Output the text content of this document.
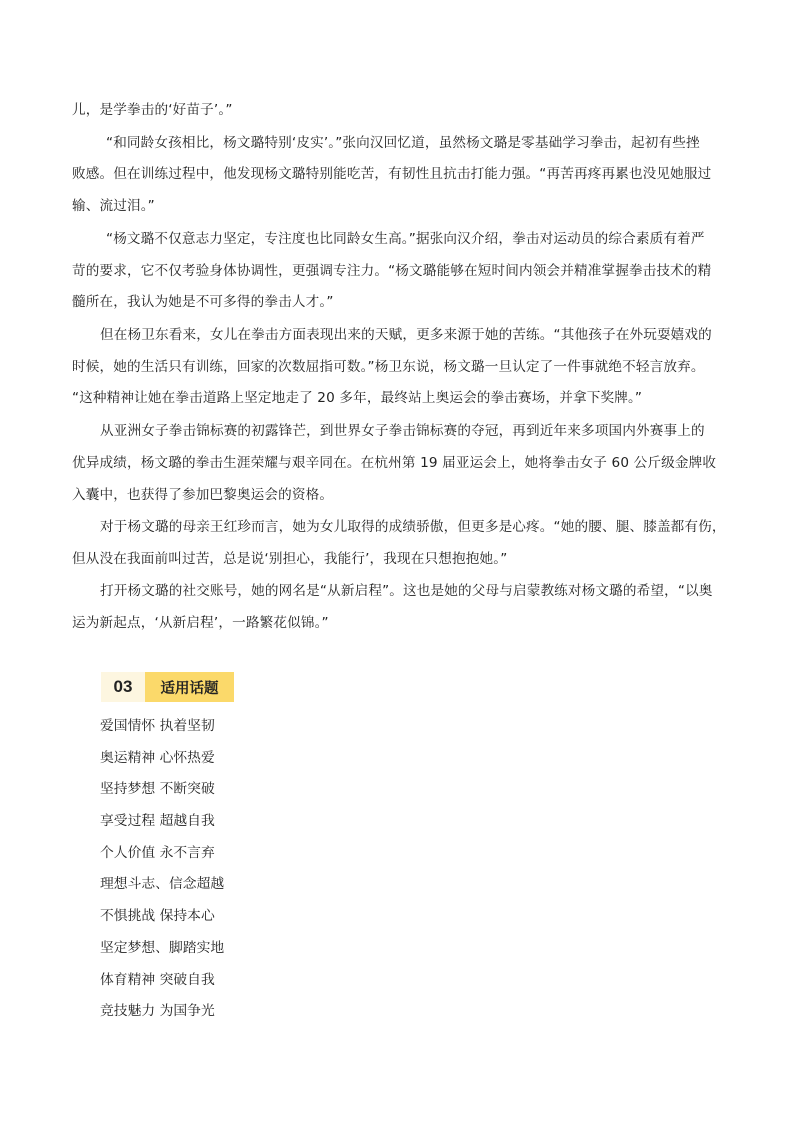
儿，是学拳击的‘好苗子’。”
“和同龄女孩相比，杨文璐特别‘皮实’。”张向汉回忆道，虽然杨文璐是零基础学习拳击，起初有些挫
败感。但在训练过程中，他发现杨文璐特别能吃苦，有韧性且抗击打能力强。“再苦再疼再累也没见她服过
输、流过泪。”
“杨文璐不仅意志力坚定，专注度也比同龄女生高。”据张向汉介绍，拳击对运动员的综合素质有着严
苛的要求，它不仅考验身体协调性，更强调专注力。“杨文璐能够在短时间内领会并精准掌握拳击技术的精
髓所在，我认为她是不可多得的拳击人才。”
但在杨卫东看来，女儿在拳击方面表现出来的天赋，更多来源于她的苦练。“其他孩子在外玩耍嬉戏的
时候，她的生活只有训练，回家的次数屈指可数。”杨卫东说，杨文璐一旦认定了一件事就绝不轻言放弃。
“这种精神让她在拳击道路上坚定地走了 20 多年，最终站上奥运会的拳击赛场，并拿下奖牌。”
从亚洲女子拳击锦标赛的初露锋芒，到世界女子拳击锦标赛的夺冠，再到近年来多项国内外赛事上的
优异成绩，杨文璐的拳击生涯荣耀与艰辛同在。在杭州第 19 届亚运会上，她将拳击女子 60 公斤级金牌收
入囊中，也获得了参加巴黎奥运会的资格。
对于杨文璐的母亲王红珍而言，她为女儿取得的成绩骄傲，但更多是心疼。“她的腰、腿、膝盖都有伤，
但从没在我面前叫过苦，总是说‘别担心，我能行’，我现在只想抱抱她。”
打开杨文璐的社交账号，她的网名是“从新启程”。这也是她的父母与启蒙教练对杨文璐的希望，“以奥
运为新起点，‘从新启程’，一路繁花似锦。”
03	适用话题
爱国情怀 执着坚韧
奥运精神 心怀热爱
坚持梦想 不断突破
享受过程 超越自我
个人价值 永不言弃
理想斗志、信念超越
不惧挑战 保持本心
坚定梦想、脚踏实地
体育精神 突破自我
竞技魅力 为国争光
